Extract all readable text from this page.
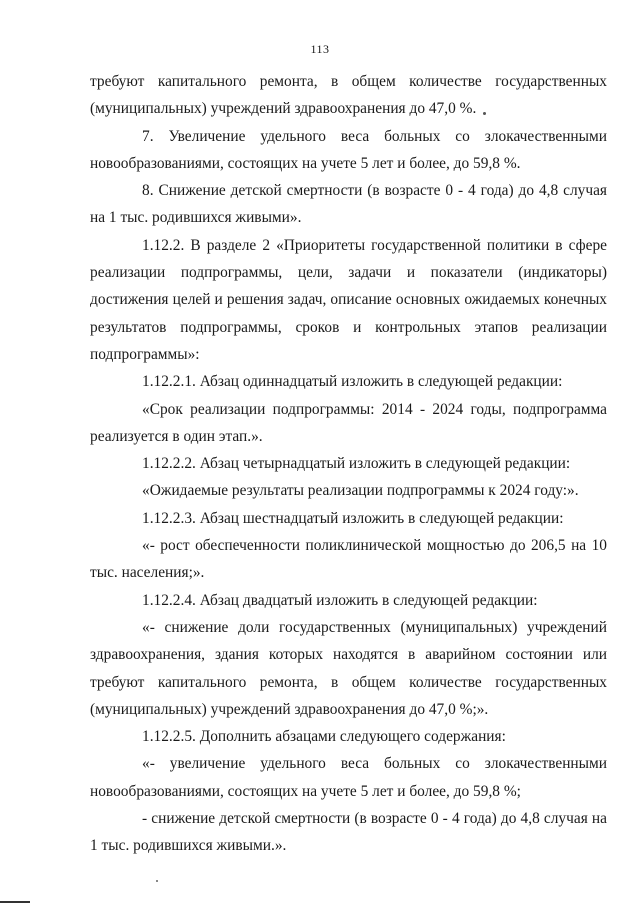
113

требуют капитального ремонта, в общем количестве государственных (муниципальных) учреждений здравоохранения до 47,0 %.

7. Увеличение удельного веса больных со злокачественными новообразованиями, состоящих на учете 5 лет и более, до 59,8 %.

8. Снижение детской смертности (в возрасте 0 - 4 года) до 4,8 случая на 1 тыс. родившихся живыми».

1.12.2. В разделе 2 «Приоритеты государственной политики в сфере реализации подпрограммы, цели, задачи и показатели (индикаторы) достижения целей и решения задач, описание основных ожидаемых конечных результатов подпрограммы, сроков и контрольных этапов реализации подпрограммы»:

1.12.2.1. Абзац одиннадцатый изложить в следующей редакции:

«Срок реализации подпрограммы: 2014 - 2024 годы, подпрограмма реализуется в один этап.».

1.12.2.2. Абзац четырнадцатый изложить в следующей редакции:

«Ожидаемые результаты реализации подпрограммы к 2024 году:».

1.12.2.3. Абзац шестнадцатый изложить в следующей редакции:

«- рост обеспеченности поликлинической мощностью до 206,5 на 10 тыс. населения;».

1.12.2.4. Абзац двадцатый изложить в следующей редакции:

«- снижение доли государственных (муниципальных) учреждений здравоохранения, здания которых находятся в аварийном состоянии или требуют капитального ремонта, в общем количестве государственных (муниципальных) учреждений здравоохранения до 47,0 %;».

1.12.2.5. Дополнить абзацами следующего содержания:

«- увеличение удельного веса больных со злокачественными новообразованиями, состоящих на учете 5 лет и более, до 59,8 %;

- снижение детской смертности (в возрасте 0 - 4 года) до 4,8 случая на 1 тыс. родившихся живыми.».
